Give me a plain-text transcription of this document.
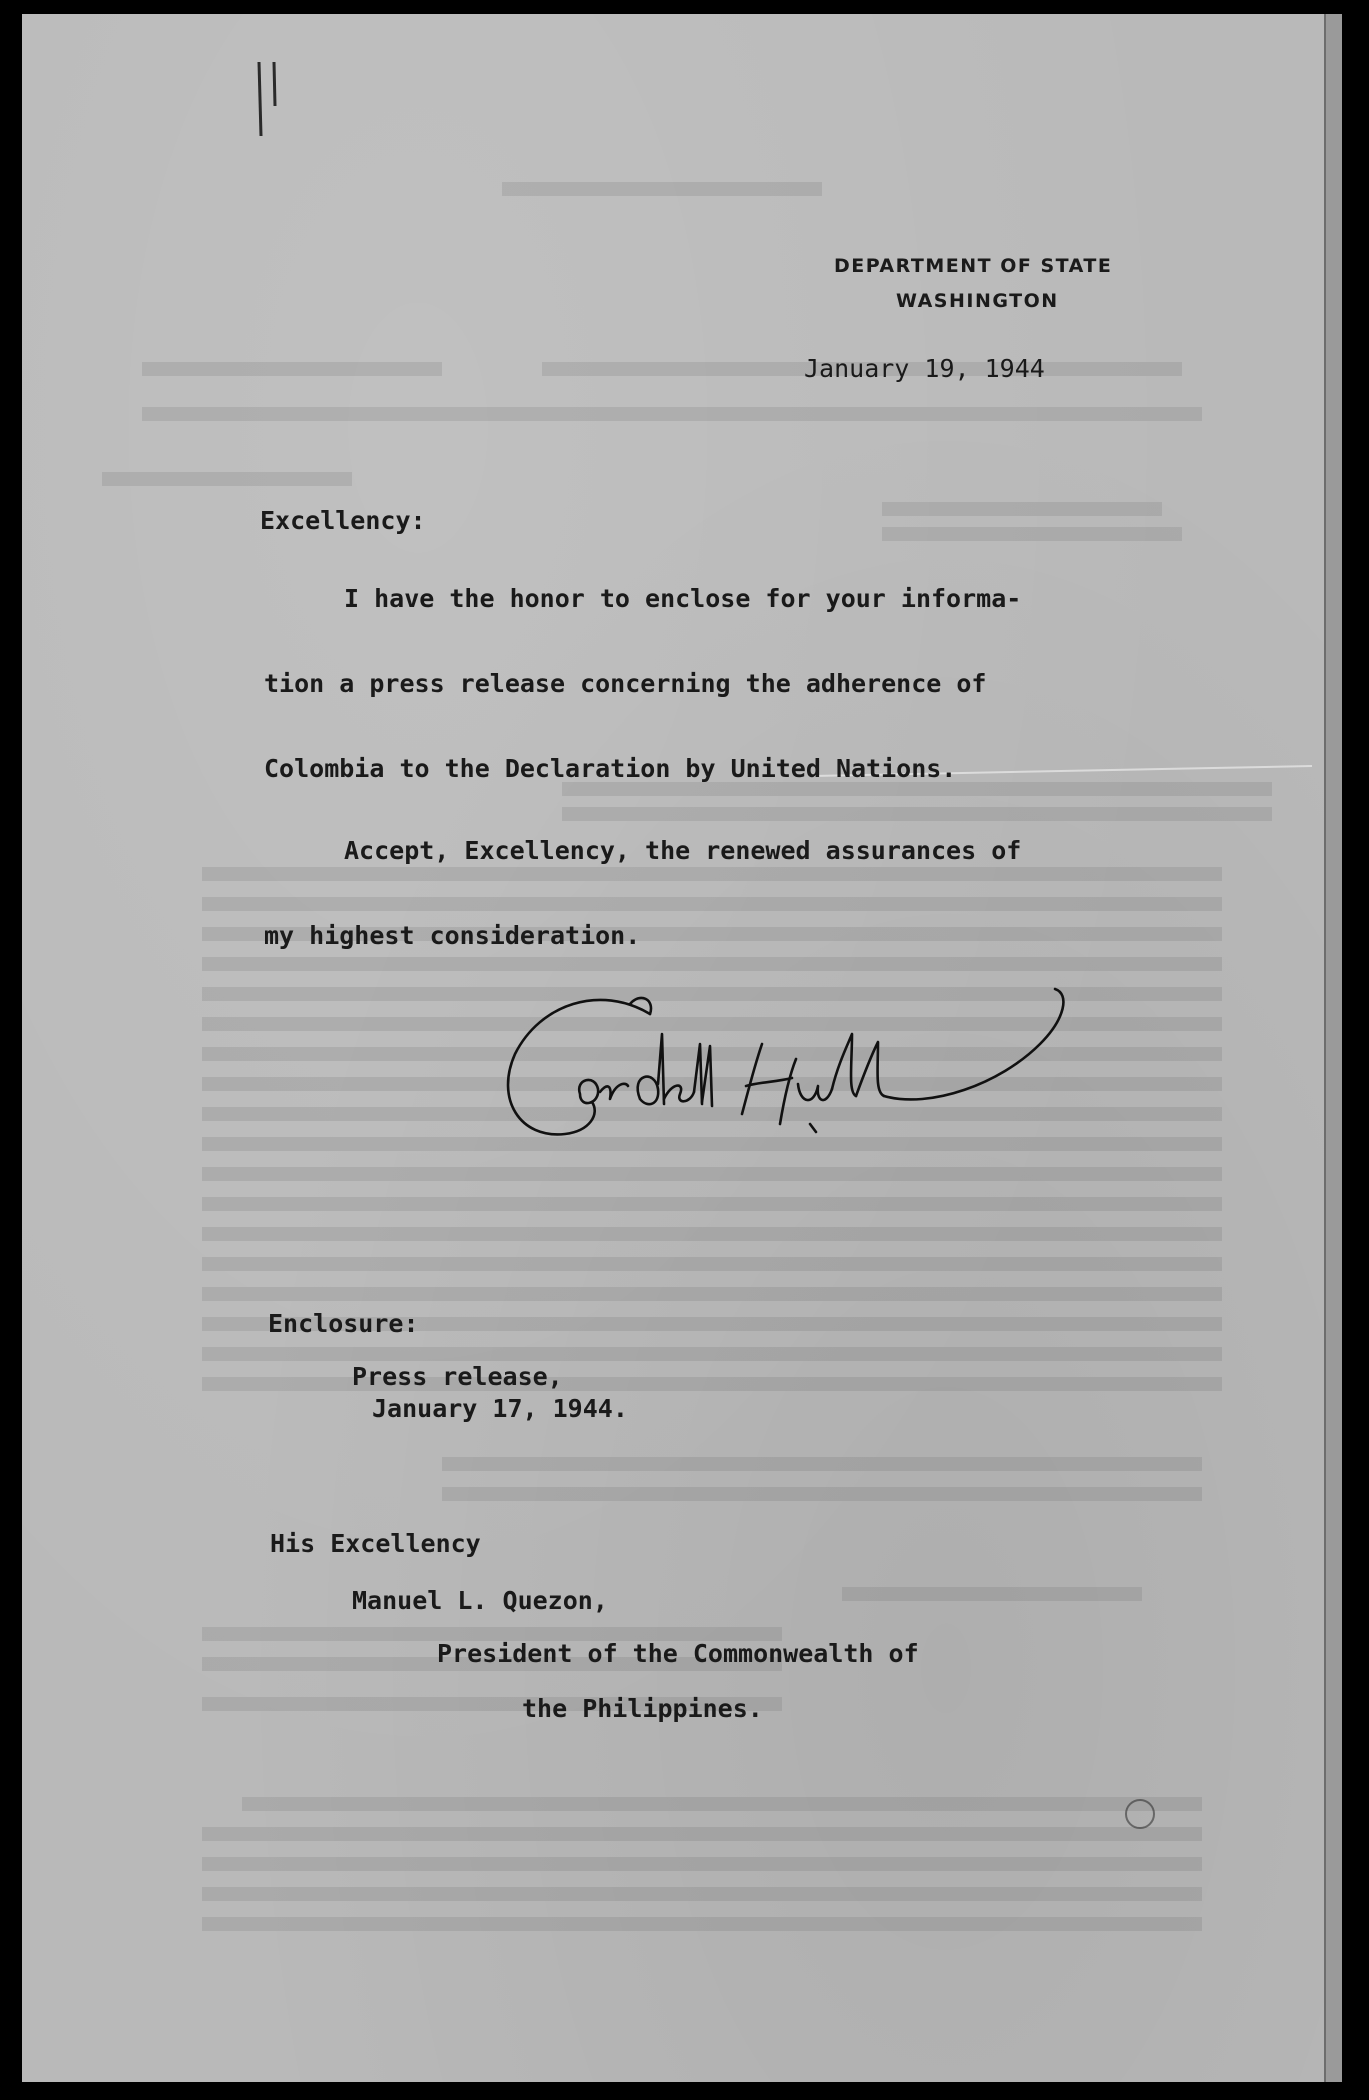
DEPARTMENT OF STATE
WASHINGTON
January 19, 1944
Excellency:
I have the honor to enclose for your informa-
tion a press release concerning the adherence of
Colombia to the Declaration by United Nations.
Accept, Excellency, the renewed assurances of
my highest consideration.
Enclosure:
Press release,
January 17, 1944.
His Excellency
Manuel L. Quezon,
President of the Commonwealth of
the Philippines.
